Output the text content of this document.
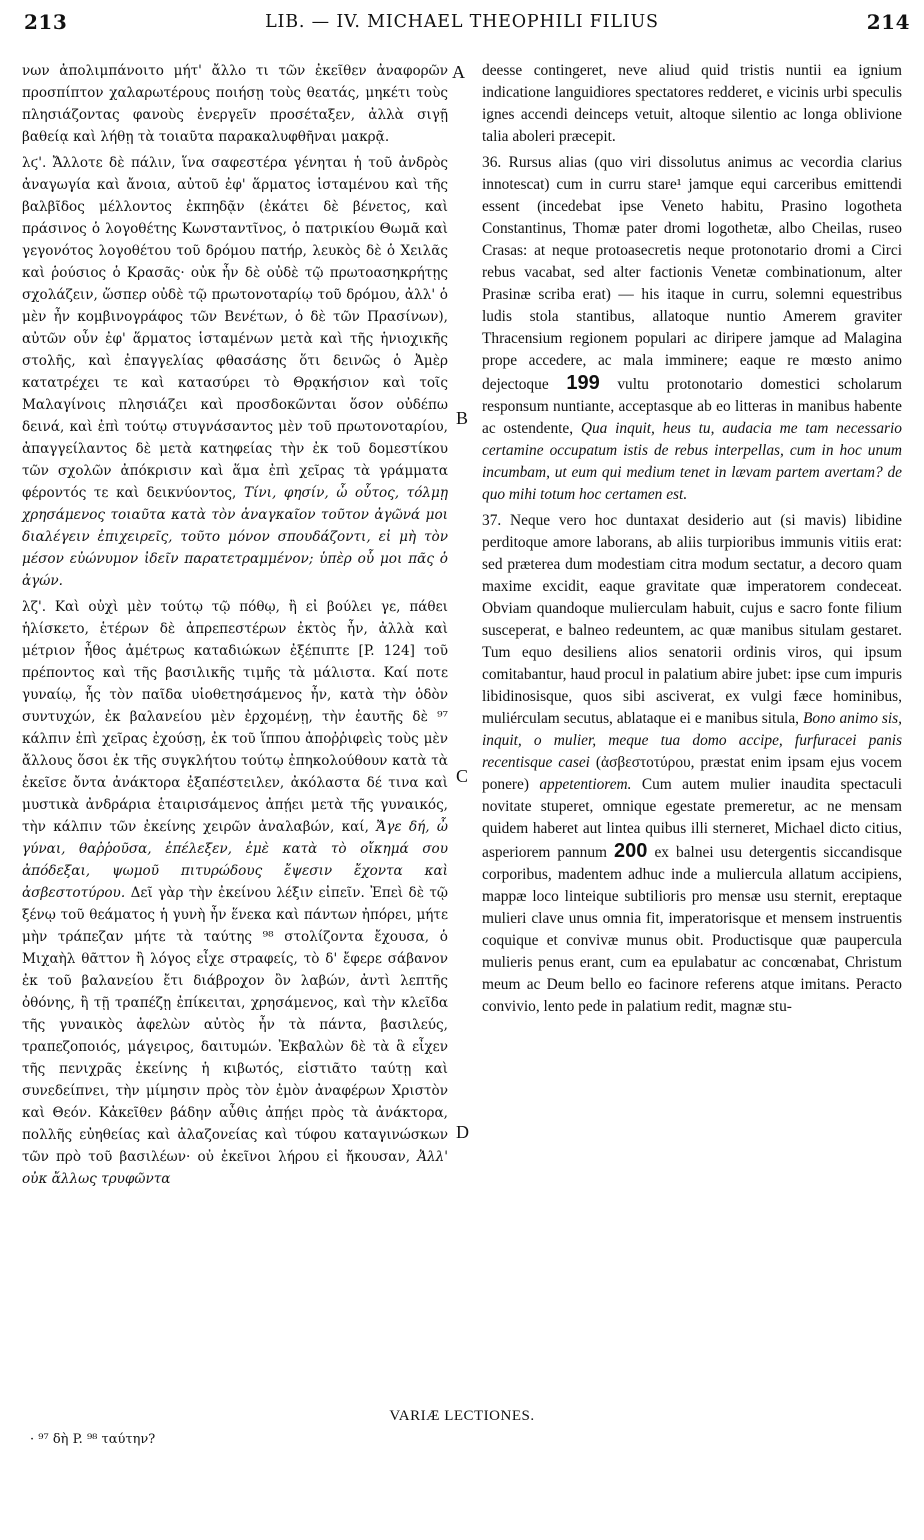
213	LIB. — IV. MICHAEL THEOPHILI FILIUS	214
A
B
C
D

νων ἀπολιμπάνοιτο μήτ' ἄλλο τι τῶν ἐκεῖθεν ἀναφορῶν προσπίπτον χαλαρωτέρους ποιήσῃ τοὺς θεατάς, μηκέτι τοὺς πλησιάζοντας φανοὺς ἐνεργεῖν προσέταξεν, ἀλλὰ σιγῇ βαθείᾳ καὶ λήθῃ τὰ τοιαῦτα παρακαλυφθῆναι μακρᾷ.

λϛ'. Ἄλλοτε δὲ πάλιν, ἵνα σαφεστέρα γένηται ἡ τοῦ ἀνδρὸς ἀναγωγία καὶ ἄνοια, αὐτοῦ ἐφ' ἅρματος ἱσταμένου καὶ τῆς βαλβῖδος μέλλοντος ἐκπηδᾷν (ἐκάτει δὲ βένετος, καὶ πράσινος ὁ λογοθέτης Κωνσταντῖνος, ὁ πατρικίου Θωμᾶ καὶ γεγονότος λογοθέτου τοῦ δρόμου πατήρ, λευκὸς δὲ ὁ Χειλᾶς καὶ ῥούσιος ὁ Κρασᾶς· οὐκ ἦν δὲ οὐδὲ τῷ πρωτοασηκρήτῃς σχολάζειν, ὥσπερ οὐδὲ τῷ πρωτονοταρίῳ τοῦ δρόμου, ἀλλ' ὁ μὲν ἦν κομβινογράφος τῶν Βενέτων, ὁ δὲ τῶν Πρασίνων), αὐτῶν οὖν ἐφ' ἅρματος ἱσταμένων μετὰ καὶ τῆς ἡνιοχικῆς στολῆς, καὶ ἐπαγγελίας φθασάσης ὅτι δεινῶς ὁ Ἀμὲρ κατατρέχει τε καὶ κατασύρει τὸ Θρᾳκήσιον καὶ τοῖς Μαλαγίνοις πλησιάζει καὶ προσδοκῶνται ὅσον οὐδέπω δεινά, καὶ ἐπὶ τούτῳ στυγνάσαντος μὲν τοῦ πρωτονοταρίου, ἀπαγγείλαντος δὲ μετὰ κατηφείας τὴν ἐκ τοῦ δομεστίκου τῶν σχολῶν ἀπόκρισιν καὶ ἅμα ἐπὶ χεῖρας τὰ γράμματα φέροντός τε καὶ δεικνύοντος, Τίνι, φησίν, ὦ οὗτος, τόλμῃ χρησάμενος τοιαῦτα κατὰ τὸν ἀναγκαῖον τοῦτον ἀγῶνά μοι διαλέγειν ἐπιχειρεῖς, τοῦτο μόνον σπουδάζοντι, εἰ μὴ τὸν μέσον εὐώνυμον ἰδεῖν παρατετραμμένον; ὑπὲρ οὗ μοι πᾶς ὁ ἀγών.

λζ'. Καὶ οὐχὶ μὲν τούτῳ τῷ πόθῳ, ἢ εἰ βούλει γε, πάθει ἡλίσκετο, ἑτέρων δὲ ἀπρεπεστέρων ἐκτὸς ἦν, ἀλλὰ καὶ μέτριον ἦθος ἀμέτρως καταδιώκων ἐξέπιπτε [P. 124] τοῦ πρέποντος καὶ τῆς βασιλικῆς τιμῆς τὰ μάλιστα. Καί ποτε γυναίῳ, ἧς τὸν παῖδα υἱοθετησάμενος ἦν, κατὰ τὴν ὁδὸν συντυχών, ἐκ βαλανείου μὲν ἐρχομένῃ, τὴν ἑαυτῆς δὲ ⁹⁷ κάλπιν ἐπὶ χεῖρας ἐχούσῃ, ἐκ τοῦ ἵππου ἀποῤῥιφεὶς τοὺς μὲν ἄλλους ὅσοι ἐκ τῆς συγκλήτου τούτῳ ἐπηκολούθουν κατὰ τὰ ἐκεῖσε ὄντα ἀνάκτορα ἐξαπέστειλεν, ἀκόλαστα δέ τινα καὶ μυστικὰ ἀνδράρια ἑταιρισάμενος ἀπῄει μετὰ τῆς γυναικός, τὴν κάλπιν τῶν ἐκείνης χειρῶν ἀναλαβών, καί, Ἄγε δή, ὦ γύναι, θαῤῥοῦσα, ἐπέλεξεν, ἐμὲ κατὰ τὸ οἴκημά σου ἀπόδεξαι, ψωμοῦ πιτυρώδους ἔψεσιν ἔχοντα καὶ ἀσβεστοτύρου. Δεῖ γὰρ τὴν ἐκείνου λέξιν εἰπεῖν. Ἐπεὶ δὲ τῷ ξένῳ τοῦ θεάματος ἡ γυνὴ ἦν ἕνεκα καὶ πάντων ἠπόρει, μήτε μὴν τράπεζαν μήτε τὰ ταύτης ⁹⁸ στολίζοντα ἔχουσα, ὁ Μιχαὴλ θᾶττον ἢ λόγος εἶχε στραφείς, τὸ δ' ἔφερε σάβανον ἐκ τοῦ βαλανείου ἔτι διάβροχον ὂν λαβών, ἀντὶ λεπτῆς ὀθόνης, ἢ τῇ τραπέζῃ ἐπίκειται, χρησάμενος, καὶ τὴν κλεῖδα τῆς γυναικὸς ἀφελὼν αὐτὸς ἦν τὰ πάντα, βασιλεύς, τραπεζοποιός, μάγειρος, δαιτυμών. Ἐκβαλὼν δὲ τὰ ἃ εἶχεν τῆς πενιχρᾶς ἐκείνης ἡ κιβωτός, εἱστιᾶτο ταύτῃ καὶ συνεδείπνει, τὴν μίμησιν πρὸς τὸν ἐμὸν ἀναφέρων Χριστὸν καὶ Θεόν. Κἀκεῖθεν βάδην αὖθις ἀπῄει πρὸς τὰ ἀνάκτορα, πολλῆς εὐηθείας καὶ ἀλαζονείας καὶ τύφου καταγινώσκων τῶν πρὸ τοῦ βασιλέων· οὐ ἐκεῖνοι λήρου εἰ ἤκουσαν, Ἀλλ' οὐκ ἄλλως τρυφῶντα

deesse contingeret, neve aliud quid tristis nuntii ea ignium indicatione languidiores spectatores redderet, e vicinis urbi speculis ignes accendi deinceps vetuit, altoque silentio ac longa oblivione talia aboleri præcepit.

36. Rursus alias (quo viri dissolutus animus ac vecordia clarius innotescat) cum in curru stare¹ jamque equi carceribus emittendi essent (incedebat ipse Veneto habitu, Prasino logotheta Constantinus, Thomæ pater dromi logothetæ, albo Cheilas, ruseo Crasas: at neque protoasecretis neque protonotario dromi a Circi rebus vacabat, sed alter factionis Venetæ combinationum, alter Prasinæ scriba erat) — his itaque in curru, solemni equestribus ludis stola stantibus, allatoque nuntio Amerem graviter Thracensium regionem populari ac diripere jamque ad Malagina prope accedere, ac mala imminere; eaque re mœsto animo dejectoque 199 vultu protonotario domestici scholarum responsum nuntiante, acceptasque ab eo litteras in manibus habente ac ostendente, Qua inquit, heus tu, audacia me tam necessario certamine occupatum istis de rebus interpellas, cum in hoc unum incumbam, ut eum qui medium tenet in lævam partem avertam? de quo mihi totum hoc certamen est.

37. Neque vero hoc duntaxat desiderio aut (si mavis) libidine perditoque amore laborans, ab aliis turpioribus immunis vitiis erat: sed præterea dum modestiam citra modum sectatur, a decoro quam maxime excidit, eaque gravitate quæ imperatorem condeceat. Obviam quandoque mulierculam habuit, cujus e sacro fonte filium susceperat, e balneo redeuntem, ac quæ manibus situlam gestaret. Tum equo desiliens alios senatorii ordinis viros, qui ipsum comitabantur, haud procul in palatium abire jubet: ipse cum impuris libidinosisque, quos sibi asciverat, ex vulgi fæce hominibus, muliérculam secutus, ablataque ei e manibus situla, Bono animo sis, inquit, o mulier, meque tua domo accipe, furfuracei panis recentisque casei (ἀσβεστοτύρου, præstat enim ipsam ejus vocem ponere) appetentiorem. Cum autem mulier inaudita spectaculi novitate stuperet, omnique egestate premeretur, ac ne mensam quidem haberet aut lintea quibus illi sterneret, Michael dicto citius, asperiorem pannum 200 ex balnei usu detergentis siccandisque corporibus, madentem adhuc inde a muliercula allatum accipiens, mappæ loco linteique subtilioris pro mensæ usu sternit, ereptaque mulieri clave unus omnia fit, imperatorisque et mensem instruentis coquique et convivæ munus obit. Productisque quæ paupercula mulieris penus erant, cum ea epulabatur ac concœnabat, Christum meum ac Deum bello eo facinore referens atque imitans. Peracto convivio, lento pede in palatium redit, magnæ stu-

VARIÆ LECTIONES.
· ⁹⁷ δὴ P. ⁹⁸ ταύτην?
